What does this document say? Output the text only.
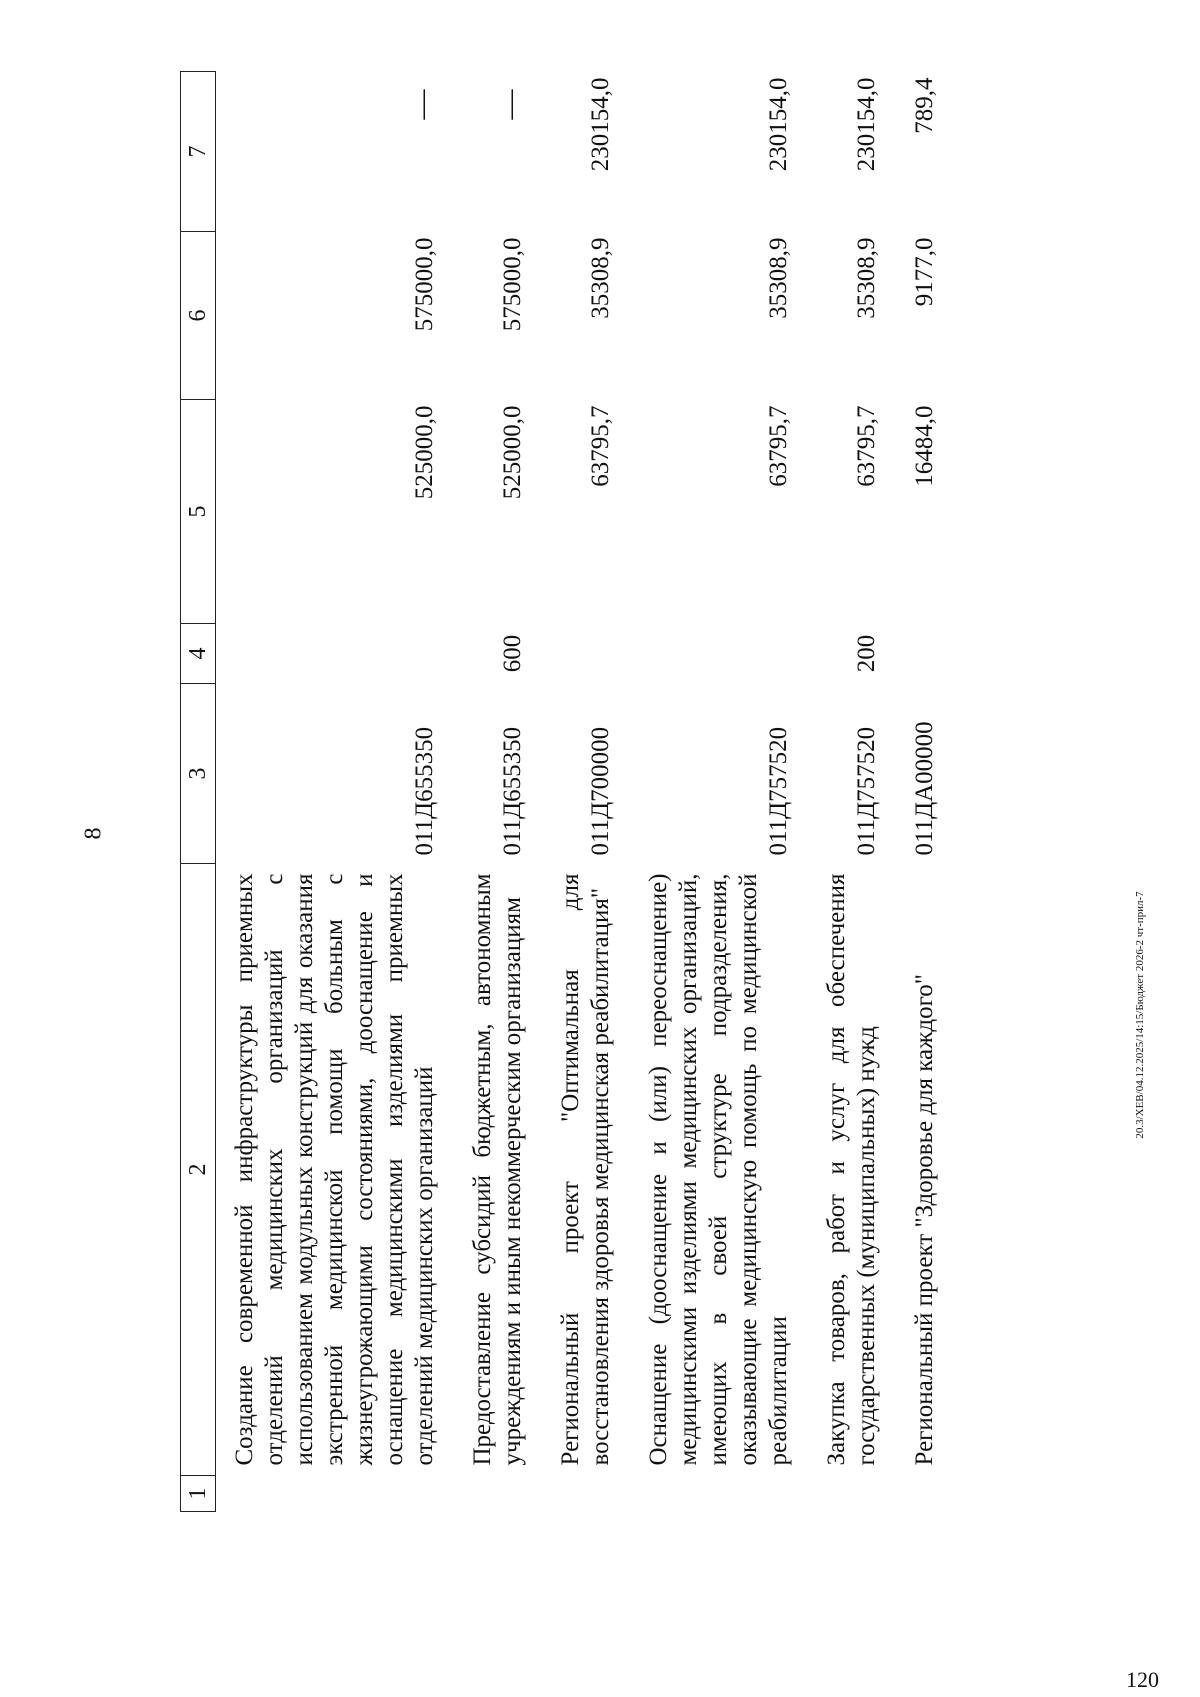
8
120
20.3/ХЕВ/04.12.2025/14:15/Бюджет 2026-2 чт-прил-7
1	2	3	4	5	6	7
	Создание современной инфраструктуры приемных отделений медицинских организаций с использованием модульных конструкций для оказания экстренной медицинской помощи больным с жизнеугрожающими состояниями, дооснащение и оснащение медицинскими изделиями приемных отделений медицинских организаций	011Д655350		525000,0	575000,0	—
	Предоставление субсидий бюджетным, автономным учреждениям и иным некоммерческим организациям	011Д655350	600	525000,0	575000,0	—
	Региональный проект "Оптимальная для восстановления здоровья медицинская реабилитация"	011Д700000		63795,7	35308,9	230154,0
	Оснащение (дооснащение и (или) переоснащение) медицинскими изделиями медицинских организаций, имеющих в своей структуре подразделения, оказывающие медицинскую помощь по медицинской реабилитации	011Д757520		63795,7	35308,9	230154,0
	Закупка товаров, работ и услуг для обеспечения государственных (муниципальных) нужд	011Д757520	200	63795,7	35308,9	230154,0
	Региональный проект "Здоровье для каждого"	011ДА00000		16484,0	9177,0	789,4
